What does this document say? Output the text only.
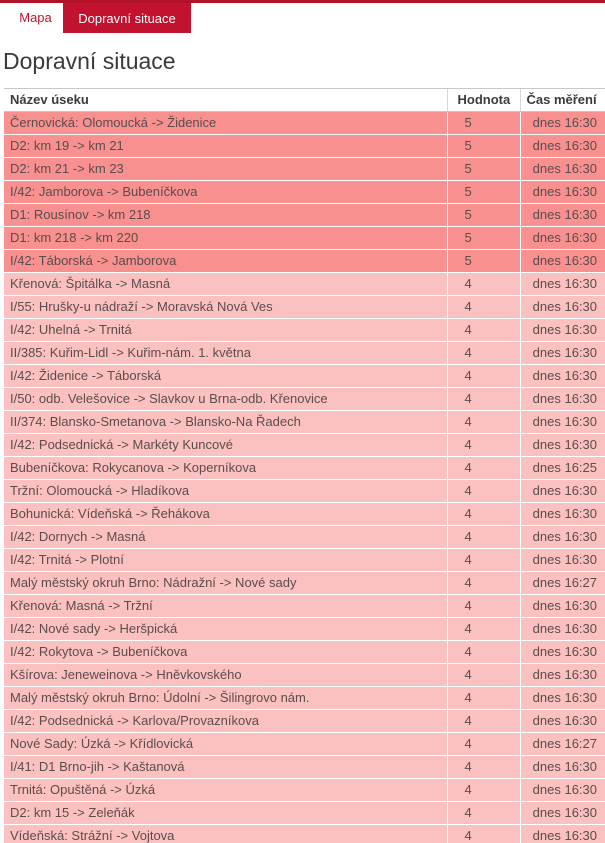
Mapa	Dopravní situace
Dopravní situace
Název úseku	Hodnota	Čas měření
Černovická: Olomoucká -> Židenice	5	dnes 16:30
D2: km 19 -> km 21	5	dnes 16:30
D2: km 21 -> km 23	5	dnes 16:30
I/42: Jamborova -> Bubeníčkova	5	dnes 16:30
D1: Rousínov -> km 218	5	dnes 16:30
D1: km 218 -> km 220	5	dnes 16:30
I/42: Táborská -> Jamborova	5	dnes 16:30
Křenová: Špitálka -> Masná	4	dnes 16:30
I/55: Hrušky-u nádraží -> Moravská Nová Ves	4	dnes 16:30
I/42: Uhelná -> Trnitá	4	dnes 16:30
II/385: Kuřim-Lidl -> Kuřim-nám. 1. května	4	dnes 16:30
I/42: Židenice -> Táborská	4	dnes 16:30
I/50: odb. Velešovice -> Slavkov u Brna-odb. Křenovice	4	dnes 16:30
II/374: Blansko-Smetanova -> Blansko-Na Řadech	4	dnes 16:30
I/42: Podsednická -> Markéty Kuncové	4	dnes 16:30
Bubeníčkova: Rokycanova -> Koperníkova	4	dnes 16:25
Tržní: Olomoucká -> Hladíkova	4	dnes 16:30
Bohunická: Vídeňská -> Řehákova	4	dnes 16:30
I/42: Dornych -> Masná	4	dnes 16:30
I/42: Trnitá -> Plotní	4	dnes 16:30
Malý městský okruh Brno: Nádražní -> Nové sady	4	dnes 16:27
Křenová: Masná -> Tržní	4	dnes 16:30
I/42: Nové sady -> Heršpická	4	dnes 16:30
I/42: Rokytova -> Bubeníčkova	4	dnes 16:30
Kšírova: Jeneweinova -> Hněvkovského	4	dnes 16:30
Malý městský okruh Brno: Údolní -> Šilingrovo nám.	4	dnes 16:30
I/42: Podsednická -> Karlova/Provazníkova	4	dnes 16:30
Nové Sady: Úzká -> Křídlovická	4	dnes 16:27
I/41: D1 Brno-jih -> Kaštanová	4	dnes 16:30
Trnitá: Opuštěná -> Úzká	4	dnes 16:30
D2: km 15 -> Zeleňák	4	dnes 16:30
Vídeňská: Strážní -> Vojtova	4	dnes 16:30
